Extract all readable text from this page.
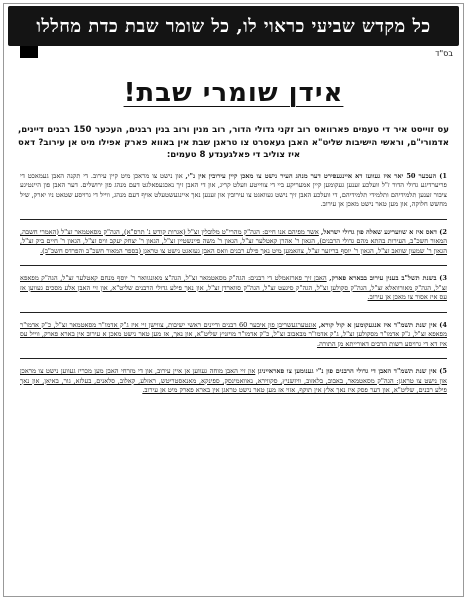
כל מקדש שביעי כראוי לו, כל שומר שבת כדת מחללו
בס"ד
אידן שומרי שבת!
עס זוייסט איר די טעמים פארוואס רוב זקני גדולי הדור, רוב מנין ורוב בנין רבנים, העכער 150 רבנים דיינים, אדמורי"ם, וראשי הישיבות שליט"א האבן געאסרט צו טראגן שבת אין באווא פארק אפילו מיט אן עירוב? דאס איז צוליב די פאלגענדע 8 טעמים:
1) העכער 50 יאר איז געוועז דא איינגעפירט דער מנהג העיר נישט צו מאכן קיין עירובין אין נ"י, און נישט צו מראכן מיט קיין עירוב. די תקנה האבן געמאכט די פריערדיגע גדולי הדור ז"ל וועלכע זענען געקומען קיין אמעריקע ביי די צווייטע וועלט קריג, און די האבן זיך נאכגעפאלגט דעם מנהג פון ירושלים. דער האבן פון היינטיגע ציבור זענען תלמידיהם ותלמידי תלמידיהם, די וועלכע האבן זיך נישט געוואגט צו עירובין און זענען נאך איינגעשטעלט אויף דעם מנהג, ווייל די גרויסע שטאט ניו יארק, שיל מחשש חלוקה, און מען טאר נישט מאכן אן עירוב.
2) דאס איז א שוועריגע שאלה פון גדולי ישראל, אשר מפיהם אנו חיים: הגה"ק מהרי"ט מלובלין זצ"ל (אגרות קודש נ' תרס"א), הגה"ק מסאטמאר זצ"ל (האמרי חשבה, המאור חשכ"ב, העירות בהתא מהם גדולי הרבנים), הגאון ר' אהרן קאטלער זצ"ל, הגאון ר' משה פיינשטיין זצ"ל, הגאון ר' יצחק יעקב וויס זצ"ל, הגאון ר' חיים ביק זצ"ל, הגאון ר' שמעון שוואב זצ"ל, הגאון ר' יוסף בריזער זצ"ל, צוזאמען מיט נאך פילע רבנים וואס האבן געזאגט נישט צו טראגן (בספר המאור חשכ"ב והפרדס חשכ"ב).
3) בשנת תשל"ב בענין עירוב בבארא פארק, האבן זיך פארזאמלט די רבנים: הגה"ק מסאטמאר זצ"ל, הגה"צ מאונגוואר ר' יוסף מנחם קאטלער זצ"ל, הגה"ק מפאפא זצ"ל, הגה"ק מאורוואלא זצ"ל, הגה"ק סקולען זצ"ל, הגה"ק סיגעט זצ"ל, הגה"ק סווארדן זצ"ל, און נאך פילע גדולי הרבנים שליט"א, און זיי האבן אלע מסכים געווען אז עס איז אסור צו מאכן אן עירוב.
4) אין שנת תשמ"ד איז אנגעקומען א קול קורא, אונטערגעשריבן פון איבער 60 רבנים ודיינים ראשי ישיבות, צווישן זיי איז ג"ק אדמו"ר מסאטמאר זצ"ל, כ"ק אדמו"ר מפאפא זצ"ל, ג"ק אדמו"ר מסקולען זצ"ל, ג"ק אדמו"ר מבאבוב זצ"ל, כ"ק אדמו"ר מויזניץ שליט"א, און נאך, אז מען טאר נישט מאכן א עירוב אין בארא פארק, ווייל עס איז דא די גרויסע רשות הרבים דאורייתא מן התורה.
5) אין שנת תשמ"ד האבן די גדולי הרבנים פון נ"י גענומען צו פאראייניגן און זיי האבן מוחה געווען אן איין עירוב, און די מזרחי האבן מען מכריז געווען נישט צו מראכן און נישט צו טראגן: הגה"ק מסאטמאר, באבוב, בלאזוב, וויזשניץ, סקווירא, נאוואמינסק, ספינקא, מאנאסטריטש, ראזלע, קאלוב, סלאנים, בעלזא, גור, באיאן, און נאך פילע רבנים, שליט"א, און דער פסק איז נאך אלץ אין תוקף, אזוי אז מען טאר נישט טראגן אין בארא פארק מיט אן עירוב.
